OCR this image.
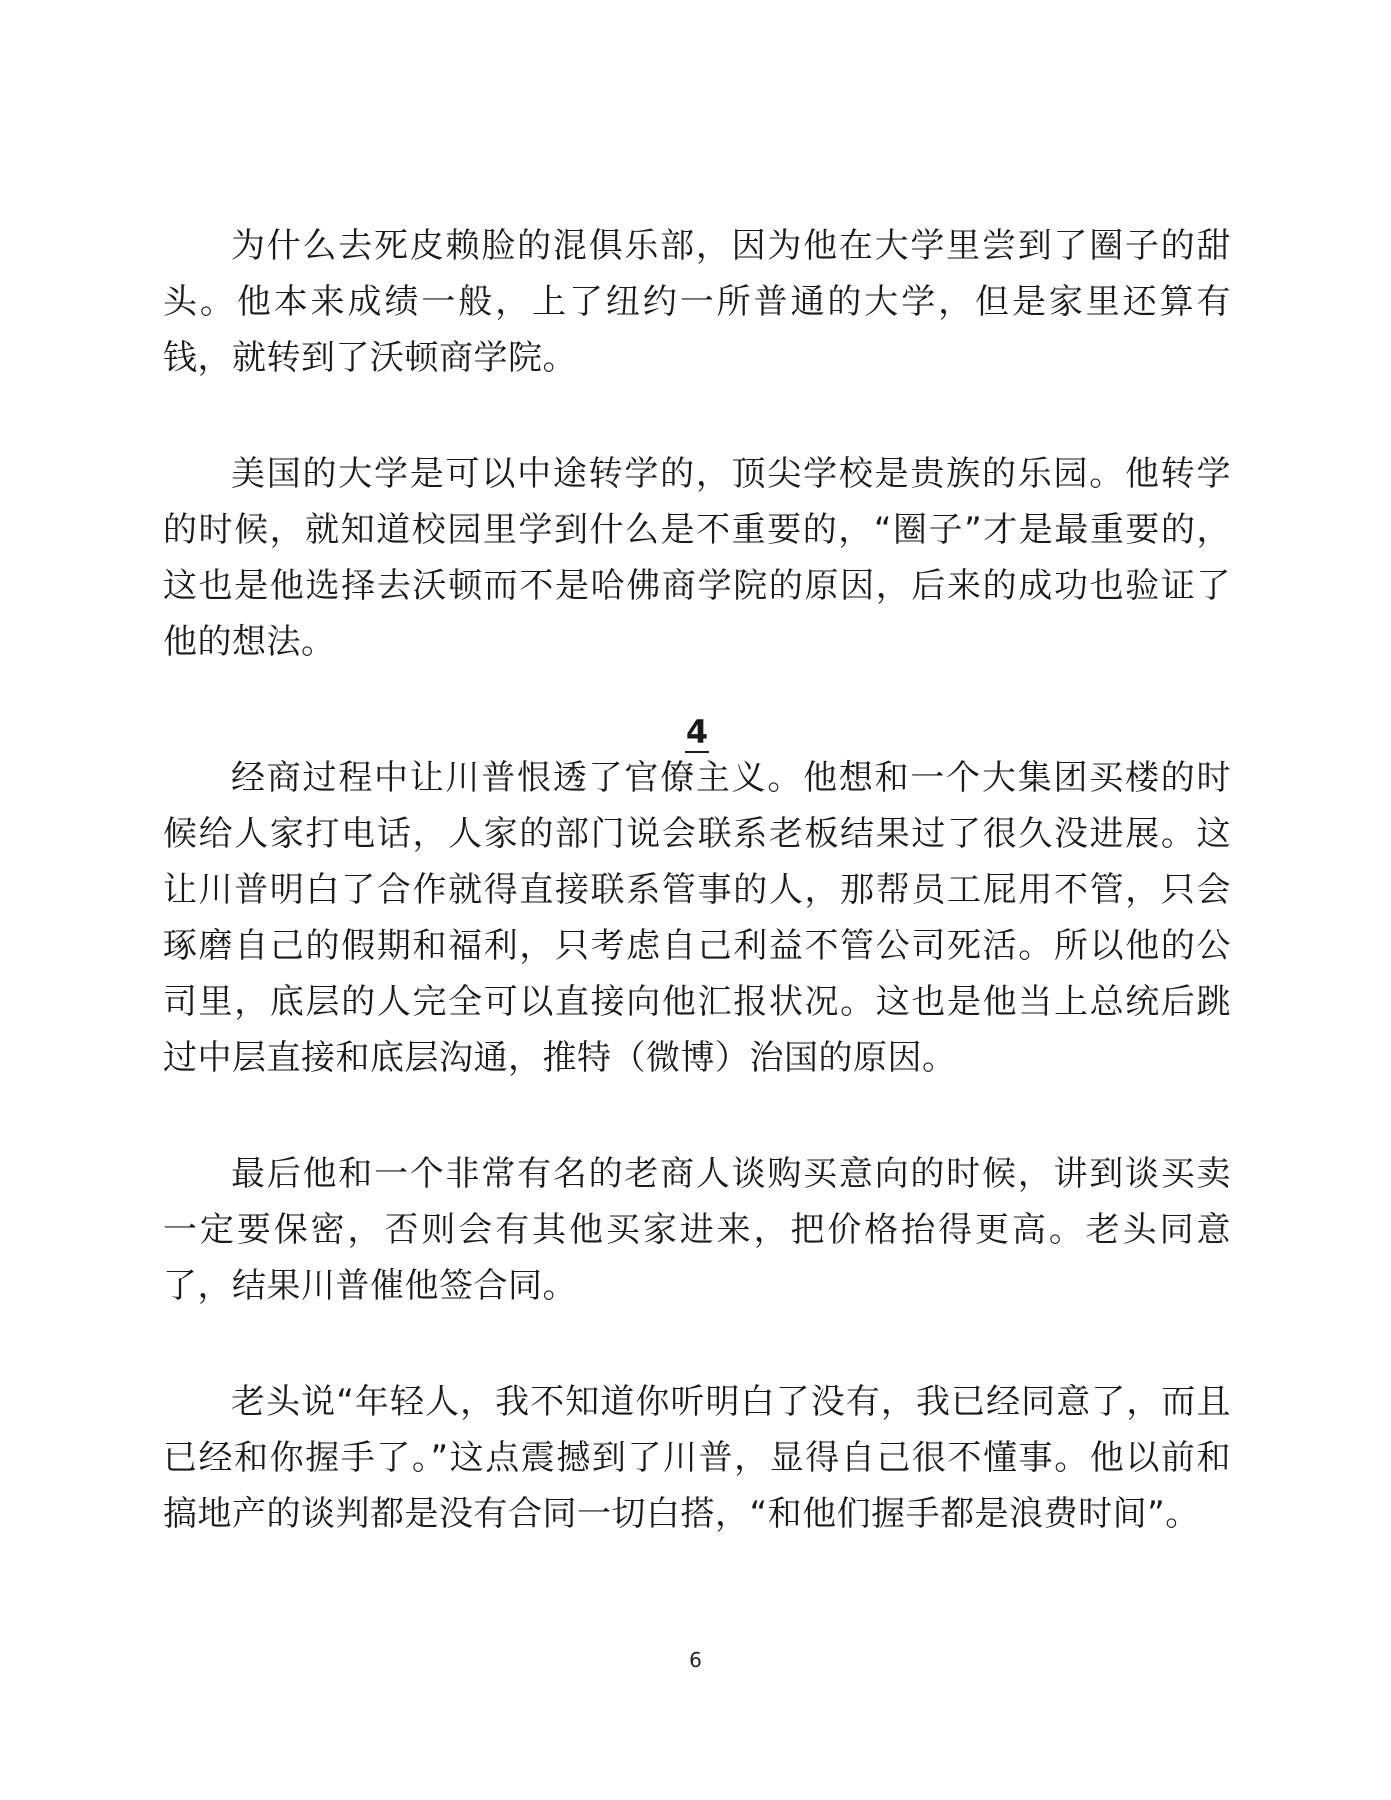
为什么去死皮赖脸的混俱乐部，因为他在大学里尝到了圈子的甜头。他本来成绩一般，上了纽约一所普通的大学，但是家里还算有钱，就转到了沃顿商学院。

美国的大学是可以中途转学的，顶尖学校是贵族的乐园。他转学的时候，就知道校园里学到什么是不重要的，“圈子”才是最重要的，这也是他选择去沃顿而不是哈佛商学院的原因，后来的成功也验证了他的想法。

4

经商过程中让川普恨透了官僚主义。他想和一个大集团买楼的时候给人家打电话，人家的部门说会联系老板结果过了很久没进展。这让川普明白了合作就得直接联系管事的人，那帮员工屁用不管，只会琢磨自己的假期和福利，只考虑自己利益不管公司死活。所以他的公司里，底层的人完全可以直接向他汇报状况。这也是他当上总统后跳过中层直接和底层沟通，推特（微博）治国的原因。

最后他和一个非常有名的老商人谈购买意向的时候，讲到谈买卖一定要保密，否则会有其他买家进来，把价格抬得更高。老头同意了，结果川普催他签合同。

老头说“年轻人，我不知道你听明白了没有，我已经同意了，而且已经和你握手了。”这点震撼到了川普，显得自己很不懂事。他以前和搞地产的谈判都是没有合同一切白搭，“和他们握手都是浪费时间”。

6
